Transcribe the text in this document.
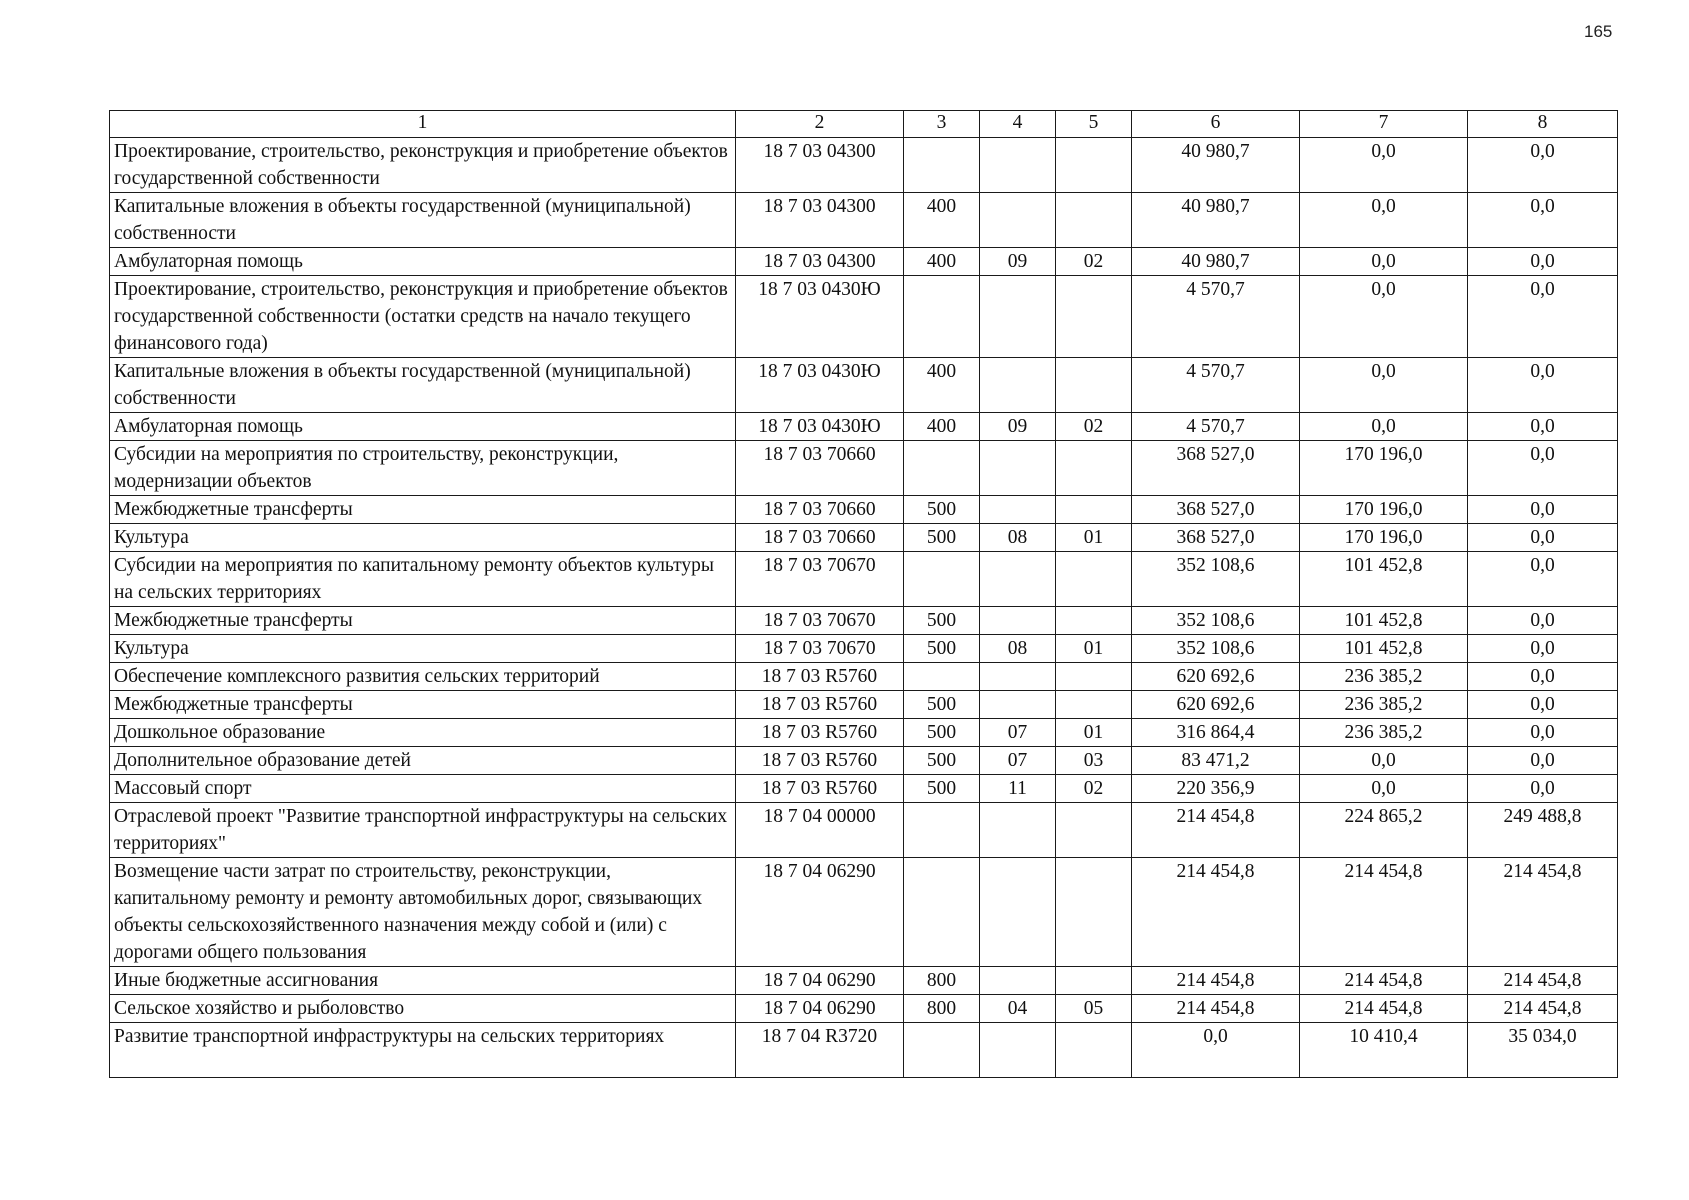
165
1	2	3	4	5	6	7	8
Проектирование, строительство, реконструкция и приобретение объектов государственной собственности	18 7 03 04300				40 980,7	0,0	0,0
Капитальные вложения в объекты государственной (муниципальной) собственности	18 7 03 04300	400			40 980,7	0,0	0,0
Амбулаторная помощь	18 7 03 04300	400	09	02	40 980,7	0,0	0,0
Проектирование, строительство, реконструкция и приобретение объектов государственной собственности (остатки средств на начало текущего финансового года)	18 7 03 0430Ю				4 570,7	0,0	0,0
Капитальные вложения в объекты государственной (муниципальной) собственности	18 7 03 0430Ю	400			4 570,7	0,0	0,0
Амбулаторная помощь	18 7 03 0430Ю	400	09	02	4 570,7	0,0	0,0
Субсидии на мероприятия по строительству, реконструкции, модернизации объектов	18 7 03 70660				368 527,0	170 196,0	0,0
Межбюджетные трансферты	18 7 03 70660	500			368 527,0	170 196,0	0,0
Культура	18 7 03 70660	500	08	01	368 527,0	170 196,0	0,0
Субсидии на мероприятия по капитальному ремонту объектов культуры на сельских территориях	18 7 03 70670				352 108,6	101 452,8	0,0
Межбюджетные трансферты	18 7 03 70670	500			352 108,6	101 452,8	0,0
Культура	18 7 03 70670	500	08	01	352 108,6	101 452,8	0,0
Обеспечение комплексного развития сельских территорий	18 7 03 R5760				620 692,6	236 385,2	0,0
Межбюджетные трансферты	18 7 03 R5760	500			620 692,6	236 385,2	0,0
Дошкольное образование	18 7 03 R5760	500	07	01	316 864,4	236 385,2	0,0
Дополнительное образование детей	18 7 03 R5760	500	07	03	83 471,2	0,0	0,0
Массовый спорт	18 7 03 R5760	500	11	02	220 356,9	0,0	0,0
Отраслевой проект "Развитие транспортной инфраструктуры на сельских территориях"	18 7 04 00000				214 454,8	224 865,2	249 488,8
Возмещение части затрат по строительству, реконструкции, капитальному ремонту и ремонту автомобильных дорог, связывающих объекты сельскохозяйственного назначения между собой и (или) с дорогами общего пользования	18 7 04 06290				214 454,8	214 454,8	214 454,8
Иные бюджетные ассигнования	18 7 04 06290	800			214 454,8	214 454,8	214 454,8
Сельское хозяйство и рыболовство	18 7 04 06290	800	04	05	214 454,8	214 454,8	214 454,8
Развитие транспортной инфраструктуры на сельских территориях	18 7 04 R3720				0,0	10 410,4	35 034,0
